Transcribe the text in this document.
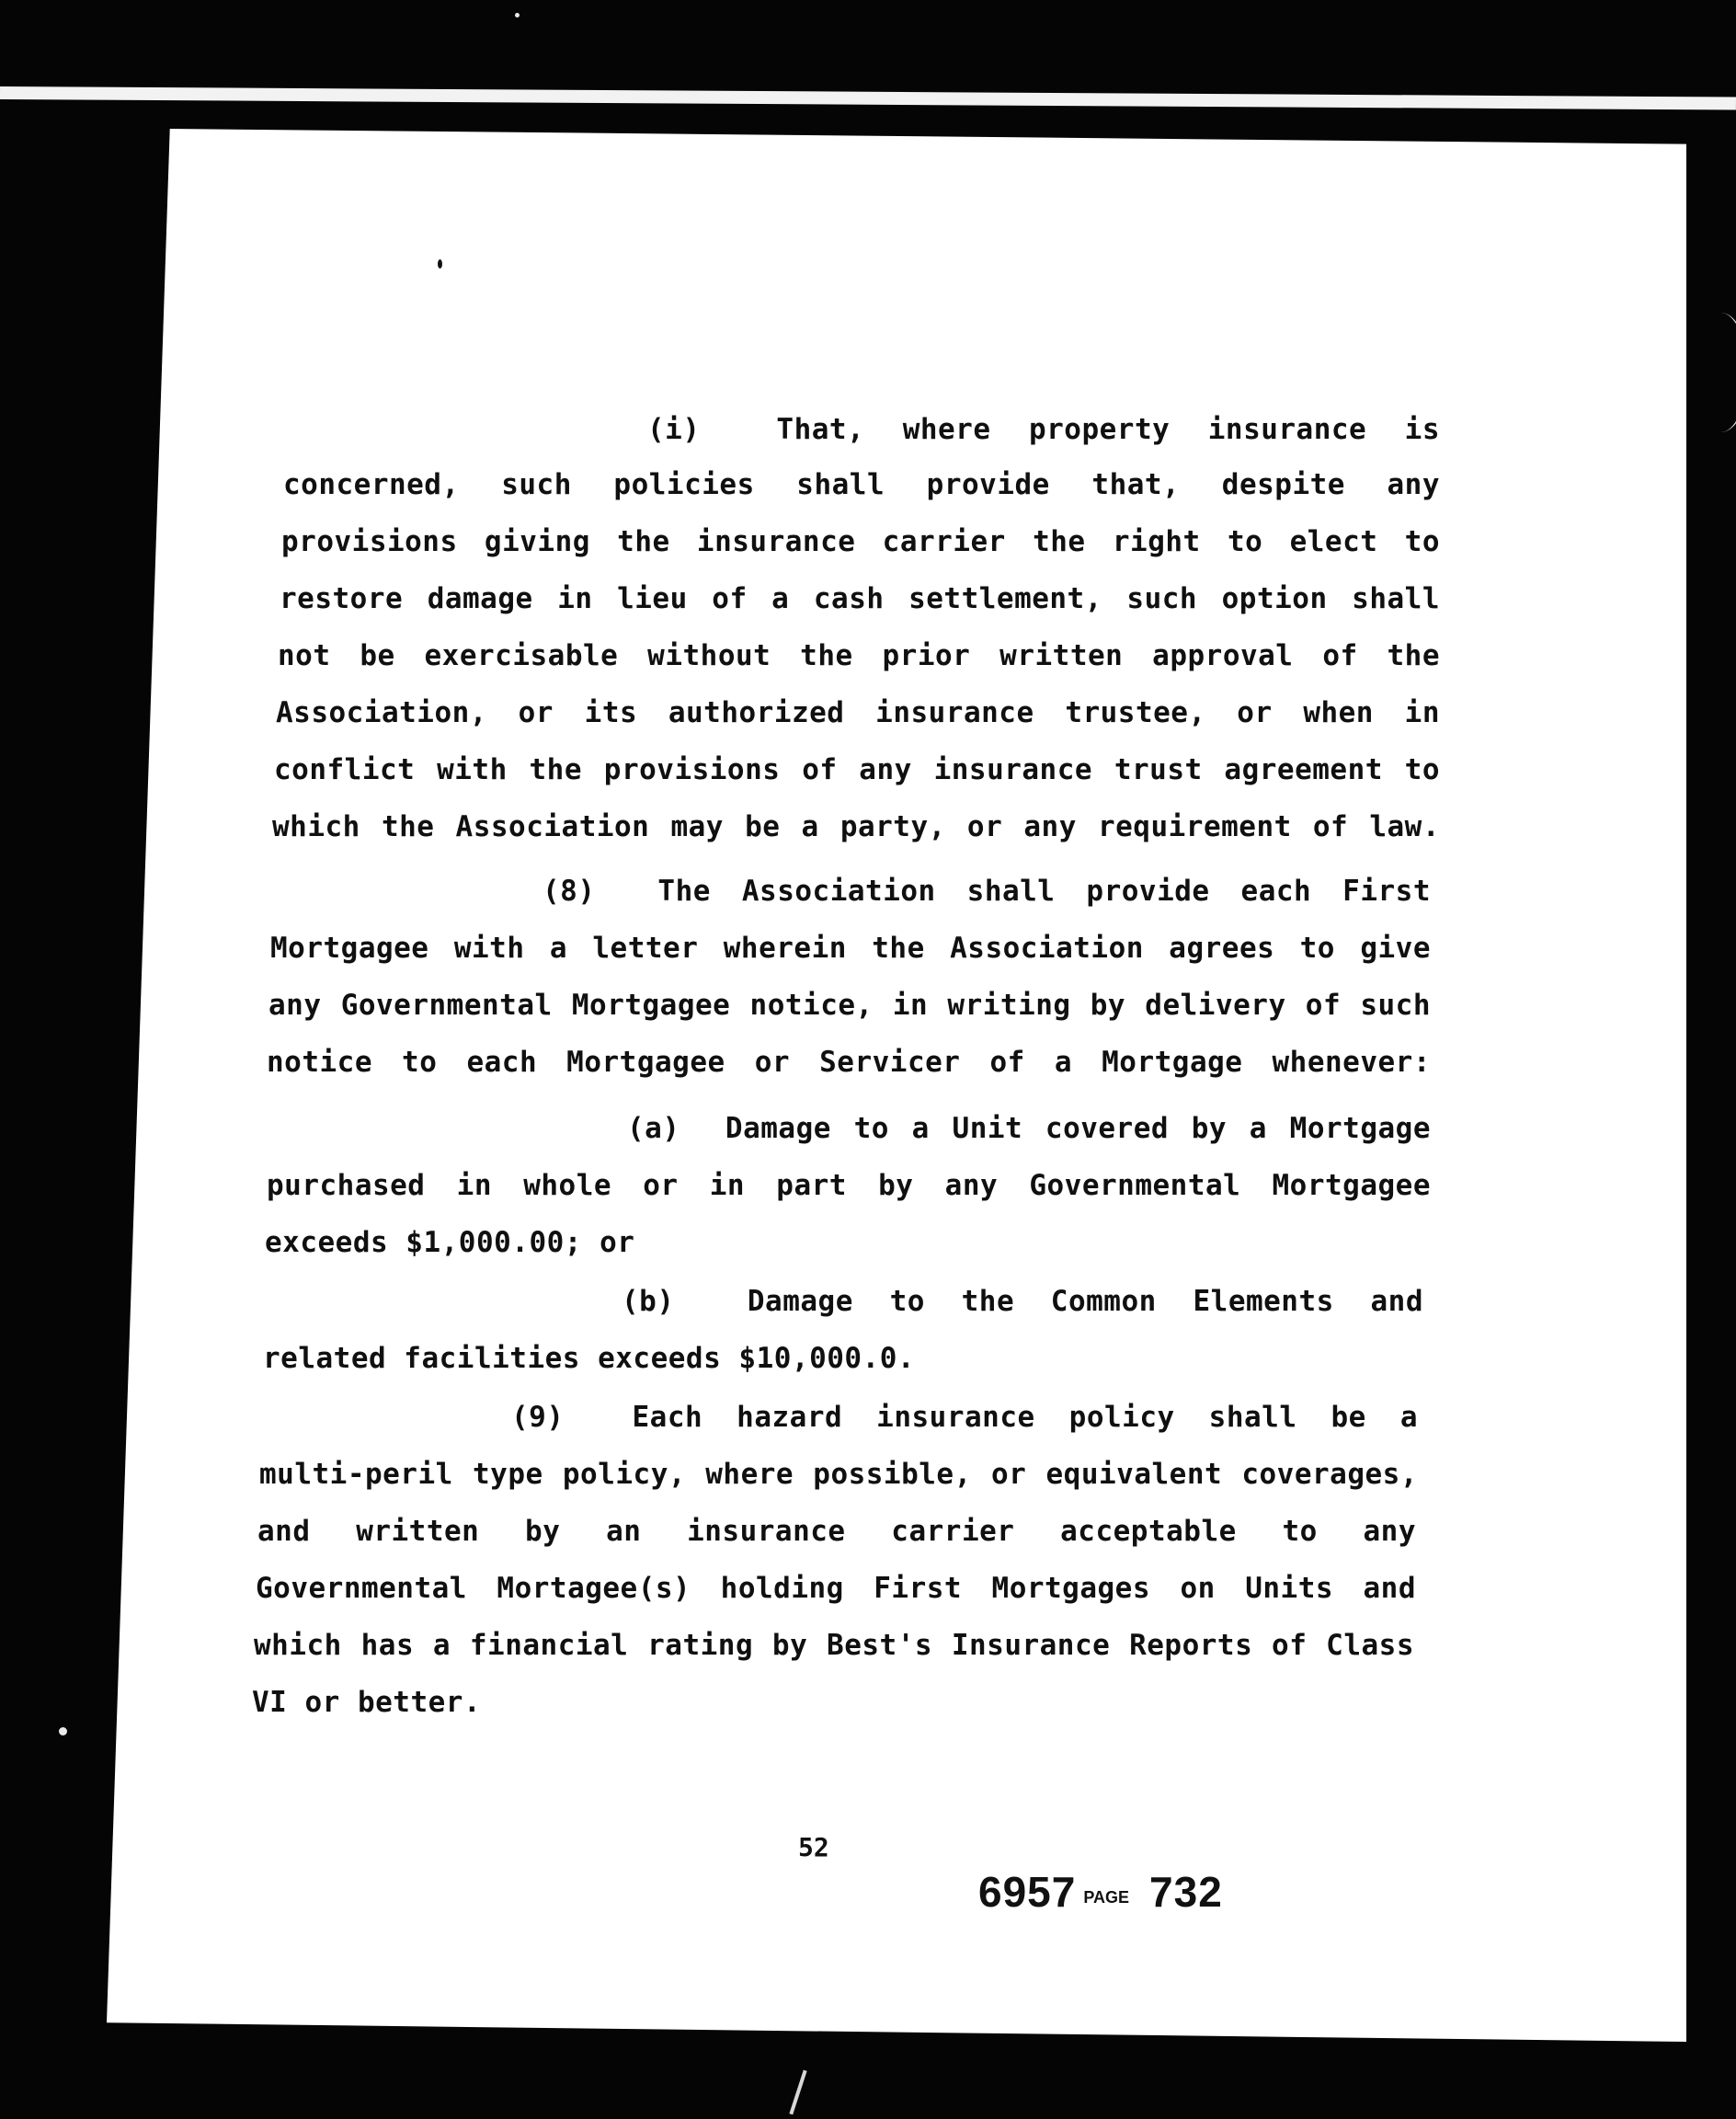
(i)  That, where property insurance is
concerned, such policies shall provide that, despite any
provisions giving the insurance carrier the right to elect to
restore damage in lieu of a cash settlement, such option shall
not be exercisable without the prior written approval of the
Association, or its authorized insurance trustee, or when in
conflict with the provisions of any insurance trust agreement to
which the Association may be a party, or any requirement of law.
(8)  The Association shall provide each First
Mortgagee with a letter wherein the Association agrees to give
any Governmental Mortgagee notice, in writing by delivery of such
notice to each Mortgagee or Servicer of a Mortgage whenever:
(a)  Damage to a Unit covered by a Mortgage
purchased in whole or in part by any Governmental Mortgagee
exceeds $1,000.00; or
(b)  Damage to the Common Elements and
related facilities exceeds $10,000.0.
(9)  Each hazard insurance policy shall be a
multi-peril type policy, where possible, or equivalent coverages,
and written by an insurance carrier acceptable to any
Governmental Mortagee(s) holding First Mortgages on Units and
which has a financial rating by Best's Insurance Reports of Class
VI or better.
52
6957 PAGE 732
